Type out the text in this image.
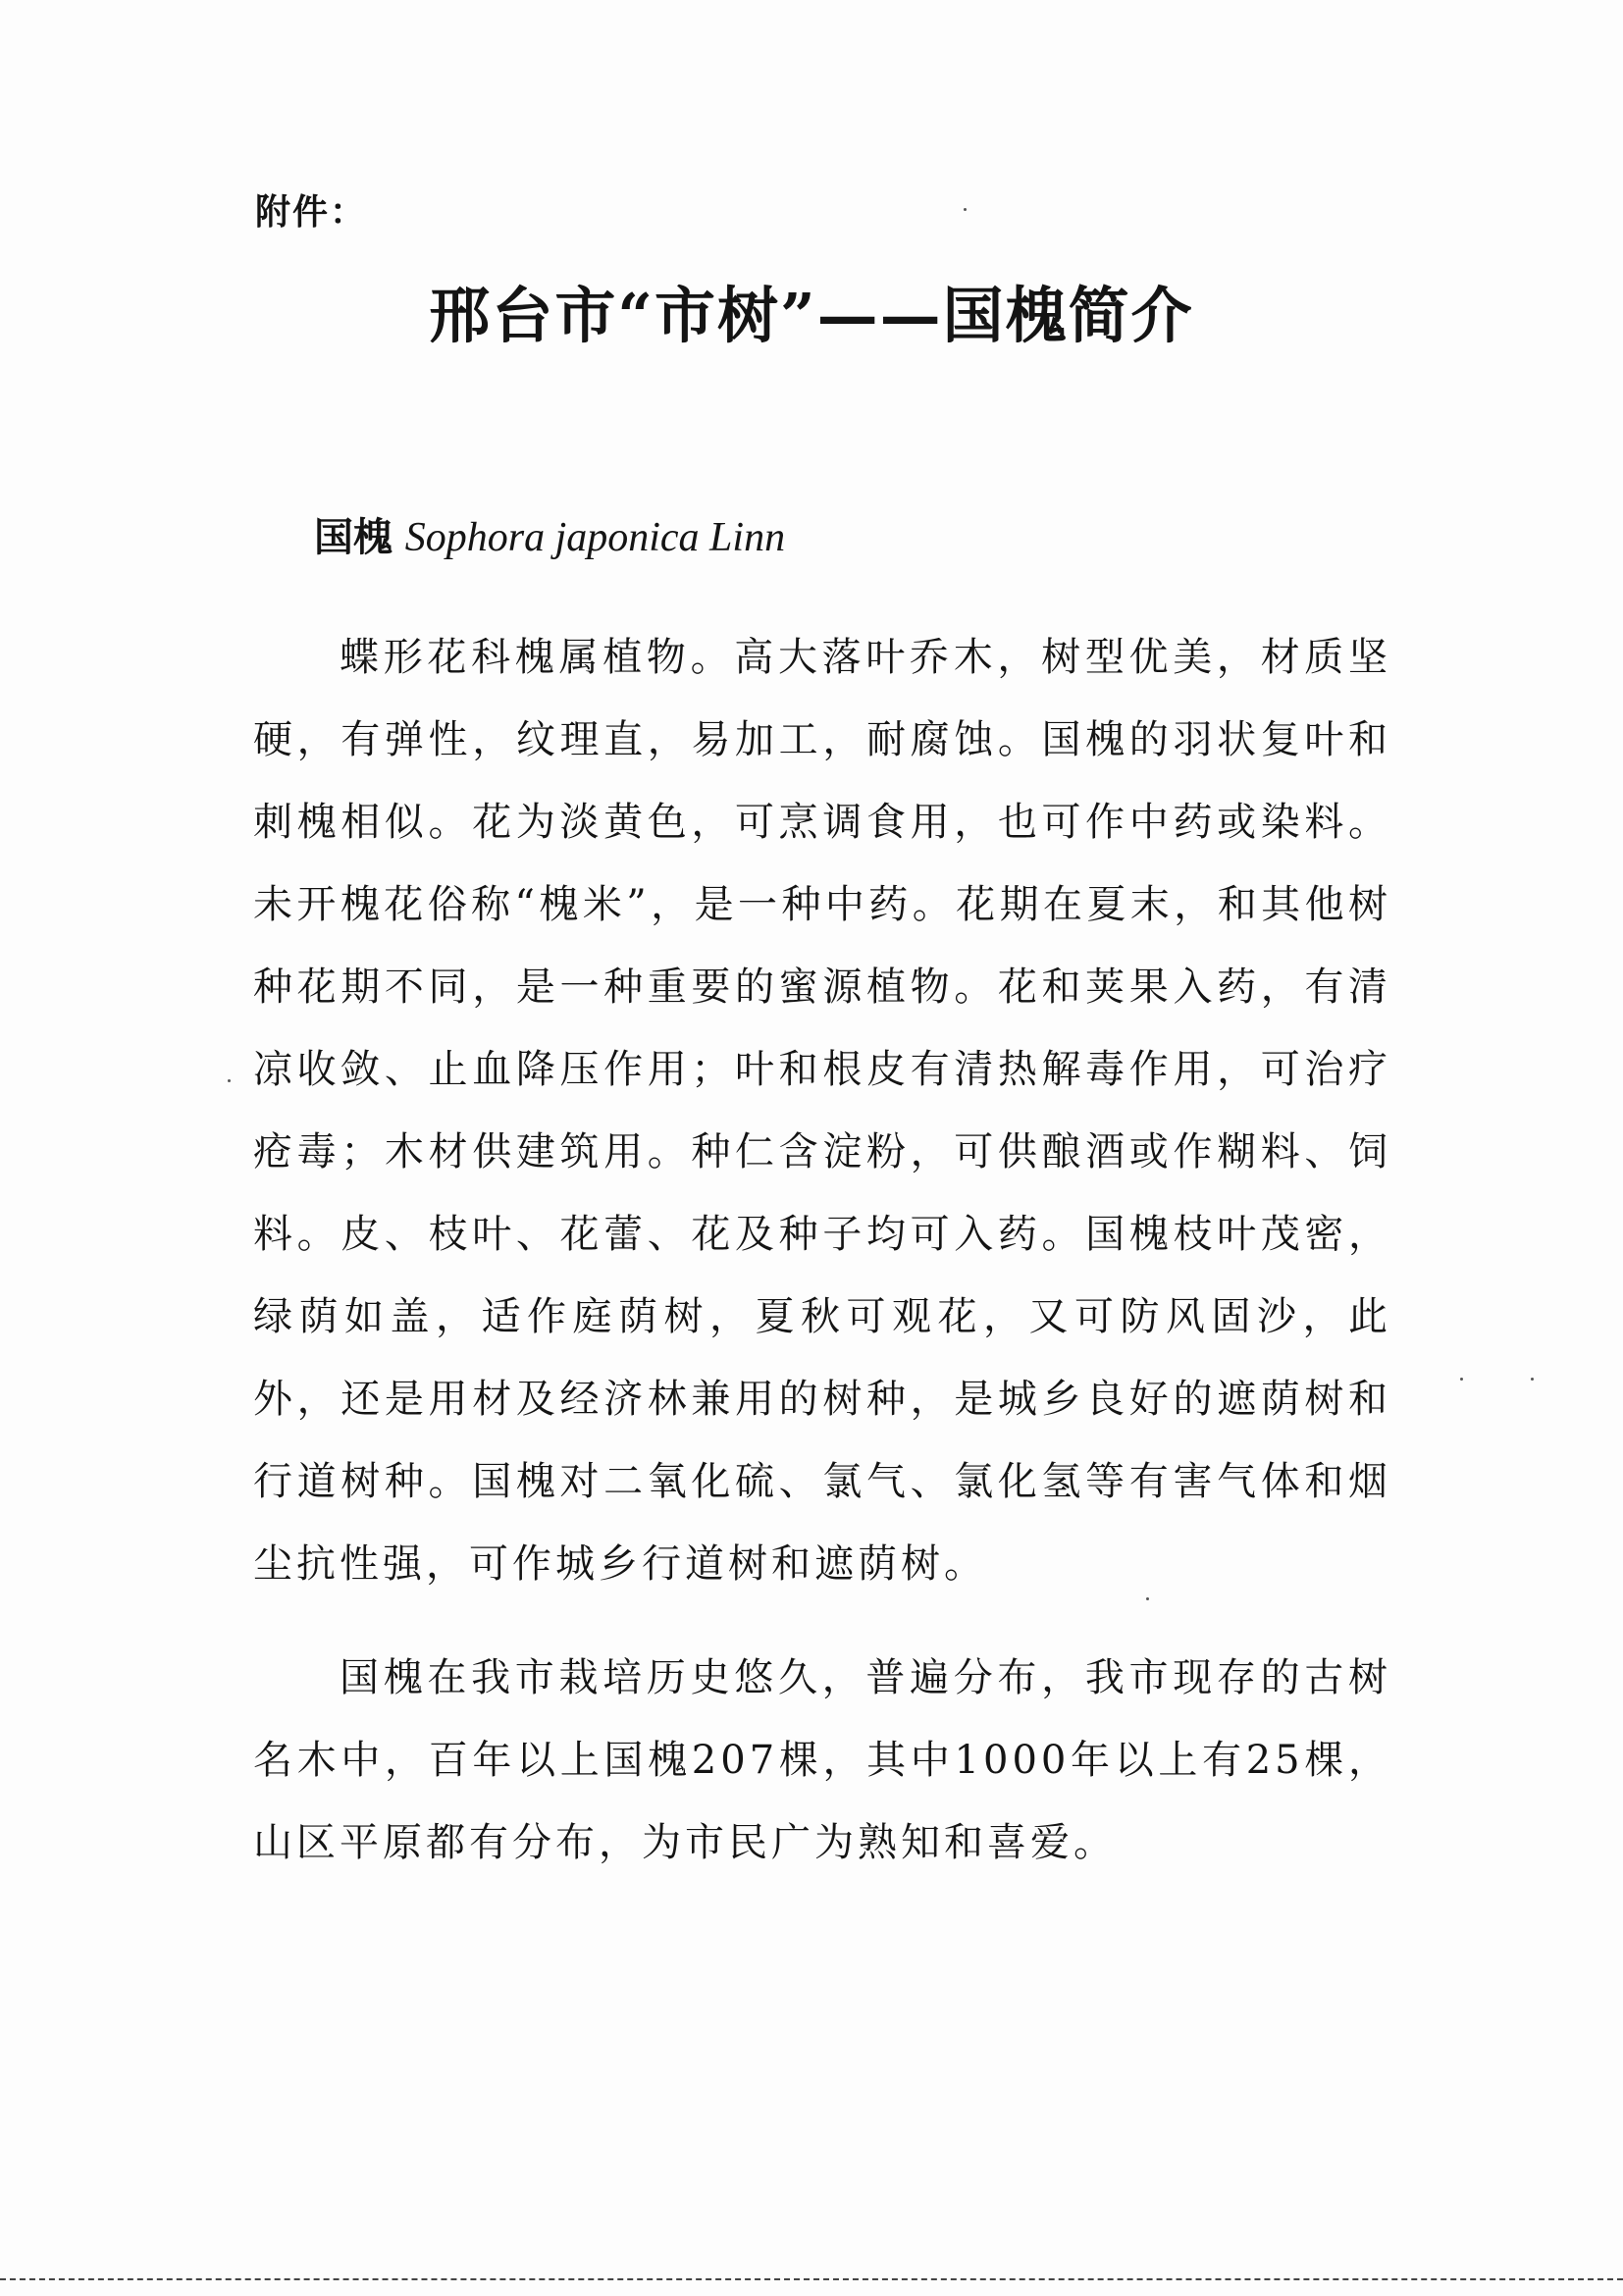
附件：
邢台市“市树”——国槐简介
国槐 Sophora japonica Linn

蝶形花科槐属植物。高大落叶乔木，树型优美，材质坚硬，有弹性，纹理直，易加工，耐腐蚀。国槐的羽状复叶和刺槐相似。花为淡黄色，可烹调食用，也可作中药或染料。未开槐花俗称“槐米”，是一种中药。花期在夏末，和其他树种花期不同，是一种重要的蜜源植物。花和荚果入药，有清凉收敛、止血降压作用；叶和根皮有清热解毒作用，可治疗疮毒；木材供建筑用。种仁含淀粉，可供酿酒或作糊料、饲料。皮、枝叶、花蕾、花及种子均可入药。国槐枝叶茂密，绿荫如盖，适作庭荫树，夏秋可观花，又可防风固沙，此外，还是用材及经济林兼用的树种，是城乡良好的遮荫树和行道树种。国槐对二氧化硫、氯气、氯化氢等有害气体和烟尘抗性强，可作城乡行道树和遮荫树。

国槐在我市栽培历史悠久，普遍分布，我市现存的古树名木中，百年以上国槐207棵，其中1000年以上有25棵，山区平原都有分布，为市民广为熟知和喜爱。
